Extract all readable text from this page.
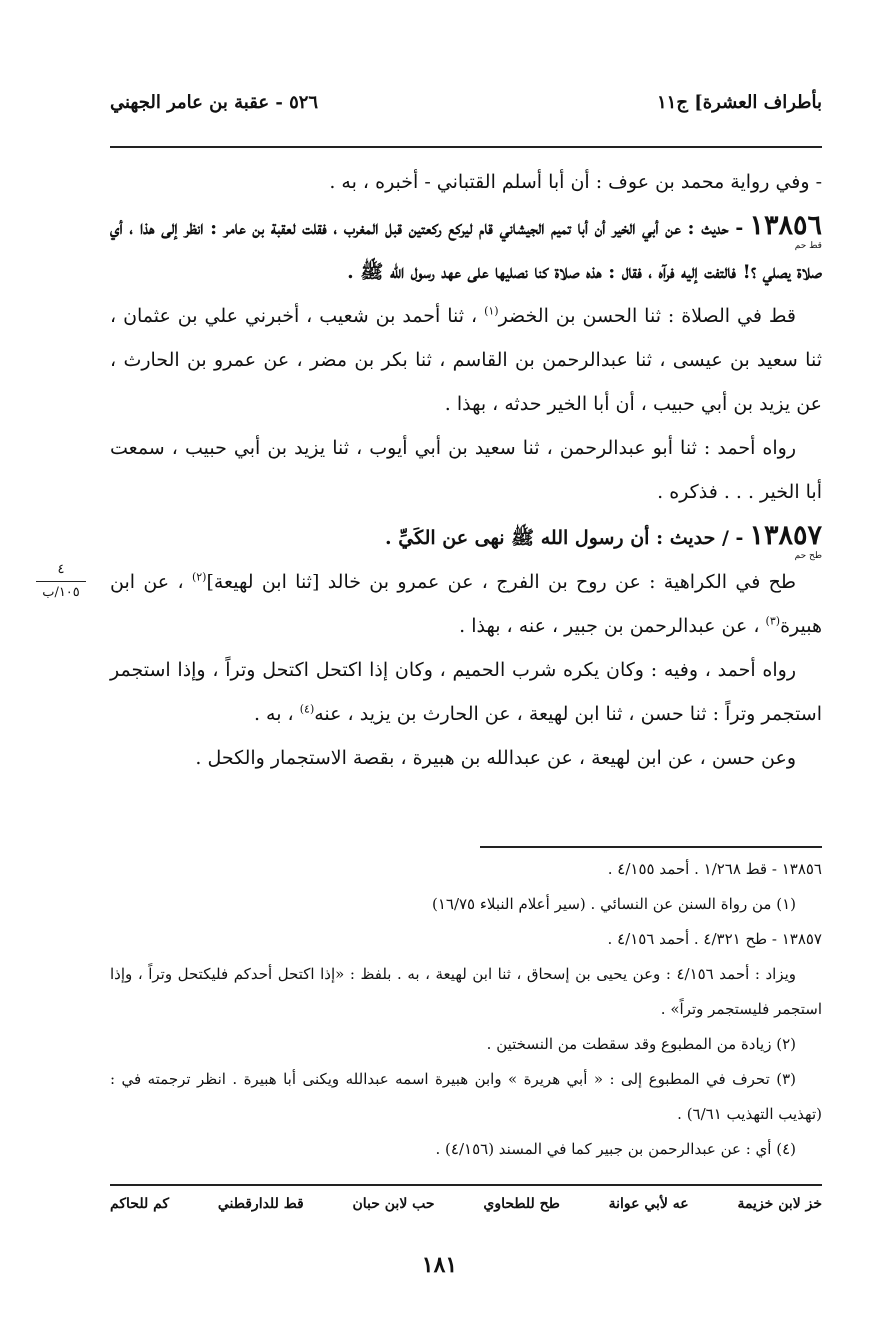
٥٢٦ - عقبة بن عامر الجهني	بأطراف العشرة] ج١١

- وفي رواية محمد بن عوف : أن أبا أسلم القتباني - أخبره ، به .

١٣٨٥٦
قط حم
- حديث : عن أبي الخير أن أبا تميم الجيشاني قام ليركع ركعتين قبل المغرب ، فقلت لعقبة بن عامر : انظر إلى هذا ، أي صلاة يصلي ؟! فالتفت إليه فرآه ، فقال : هذه صلاة كنا نصليها على عهد رسول الله ﷺ .

قط في الصلاة : ثنا الحسن بن الخضر$^{(١)}$ ، ثنا أحمد بن شعيب ، أخبرني علي بن عثمان ، ثنا سعيد بن عيسى ، ثنا عبدالرحمن بن القاسم ، ثنا بكر بن مضر ، عن عمرو بن الحارث ، عن يزيد بن أبي حبيب ، أن أبا الخير حدثه ، بهذا .

رواه أحمد : ثنا أبو عبدالرحمن ، ثنا سعيد بن أبي أيوب ، ثنا يزيد بن أبي حبيب ، سمعت أبا الخير . . . فذكره .

١٣٨٥٧
طح حم
- / حديث : أن رسول الله ﷺ نهى عن الكَيِّ .

طح في الكراهية : عن روح بن الفرج ، عن عمرو بن خالد [ثنا ابن لهيعة]$^{(٢)}$ ، عن ابن هبيرة$^{(٣)}$ ، عن عبدالرحمن بن جبير ، عنه ، بهذا .

رواه أحمد ، وفيه : وكان يكره شرب الحميم ، وكان إذا اكتحل اكتحل وتراً ، وإذا استجمر استجمر وتراً : ثنا حسن ، ثنا ابن لهيعة ، عن الحارث بن يزيد ، عنه$^{(٤)}$ ، به .

وعن حسن ، عن ابن لهيعة ، عن عبدالله بن هبيرة ، بقصة الاستجمار والكحل .

٤
١٠٥/ب

١٣٨٥٦ - قط ١/٢٦٨ . أحمد ٤/١٥٥ .

(١) من رواة السنن عن النسائي . (سير أعلام النبلاء ١٦/٧٥)

١٣٨٥٧ - طح ٤/٣٢١ . أحمد ٤/١٥٦ .

ويزاد : أحمد ٤/١٥٦ : وعن يحيى بن إسحاق ، ثنا ابن لهيعة ، به . بلفظ : «إذا اكتحل أحدكم فليكتحل وتراً ، وإذا استجمر فليستجمر وتراً» .

(٢) زيادة من المطبوع وقد سقطت من النسختين .

(٣) تحرف في المطبوع إلى : « أبي هريرة » وابن هبيرة اسمه عبدالله ويكنى أبا هبيرة . انظر ترجمته في : (تهذيب التهذيب ٦/٦١) .

(٤) أي : عن عبدالرحمن بن جبير كما في المسند (٤/١٥٦) .

خز لابن خزيمة
عه لأبي عوانة
طح للطحاوي
حب لابن حبان
قط للدارقطني
كم للحاكم
١٨١
